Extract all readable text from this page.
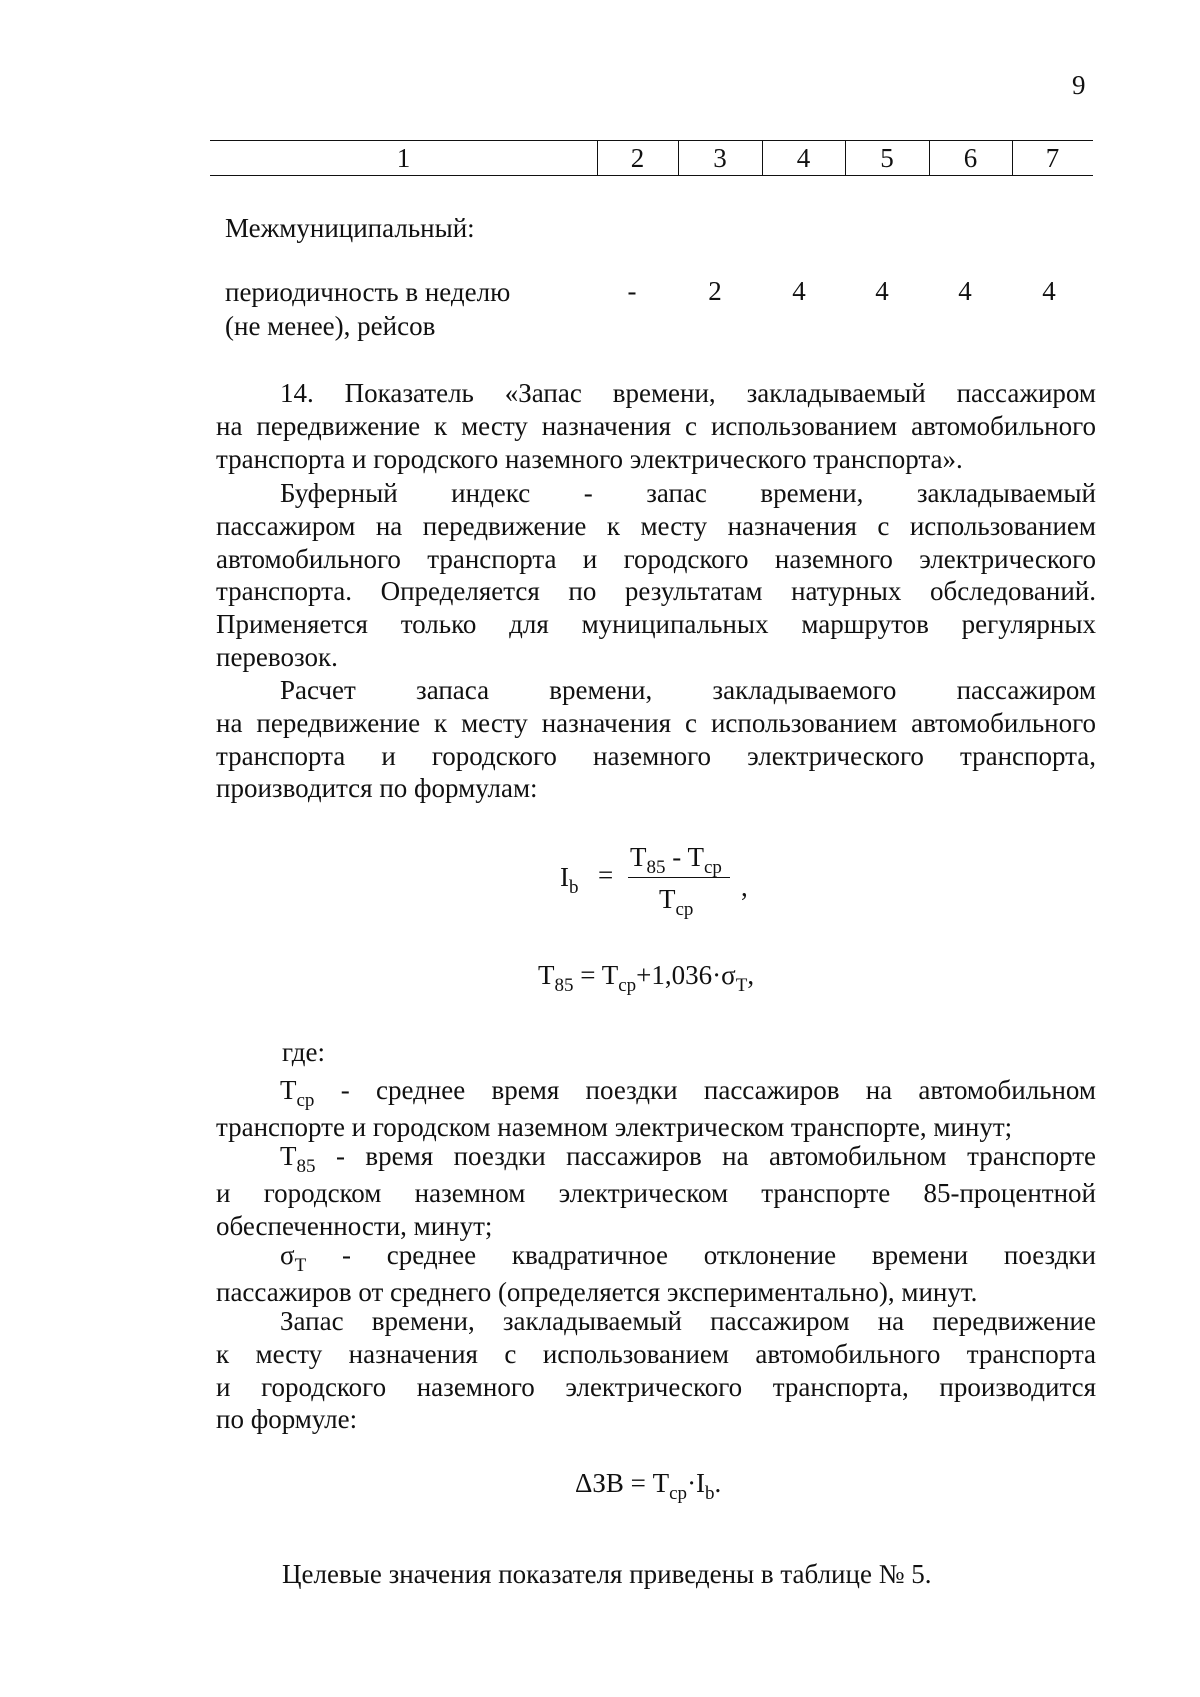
9
1	2	3	4	5	6	7
Межмуниципальный:
периодичность в неделю
(не менее), рейсов
-	2	4	4	4	4
14. Показатель «Запас времени, закладываемый пассажиром
на передвижение к месту назначения с использованием автомобильного
транспорта и городского наземного электрического транспорта».
Буферный индекс - запас времени, закладываемый
пассажиром на передвижение к месту назначения с использованием
автомобильного транспорта и городского наземного электрического
транспорта. Определяется по результатам натурных обследований.
Применяется только для муниципальных маршрутов регулярных
перевозок.
Расчет запаса времени, закладываемого пассажиром
на передвижение к месту назначения с использованием автомобильного
транспорта и городского наземного электрического транспорта,
производится по формулам:
$I_b$ =
$T_{85} - T_{cp}$
$T_{cp}$
,
$T_{85} = T_{cp}+1,036\cdot\sigma_T$,
где:
$T_{cp}$ - среднее время поездки пассажиров на автомобильном
транспорте и городском наземном электрическом транспорте, минут;
$T_{85}$ - время поездки пассажиров на автомобильном транспорте
и городском наземном электрическом транспорте 85-процентной
обеспеченности, минут;
$\sigma_T$ - среднее квадратичное отклонение времени поездки
пассажиров от среднего (определяется экспериментально), минут.
Запас времени, закладываемый пассажиром на передвижение
к месту назначения с использованием автомобильного транспорта
и городского наземного электрического транспорта, производится
по формуле:
$\Delta ЗВ = T_{cp}\cdot I_b$.
Целевые значения показателя приведены в таблице № 5.
